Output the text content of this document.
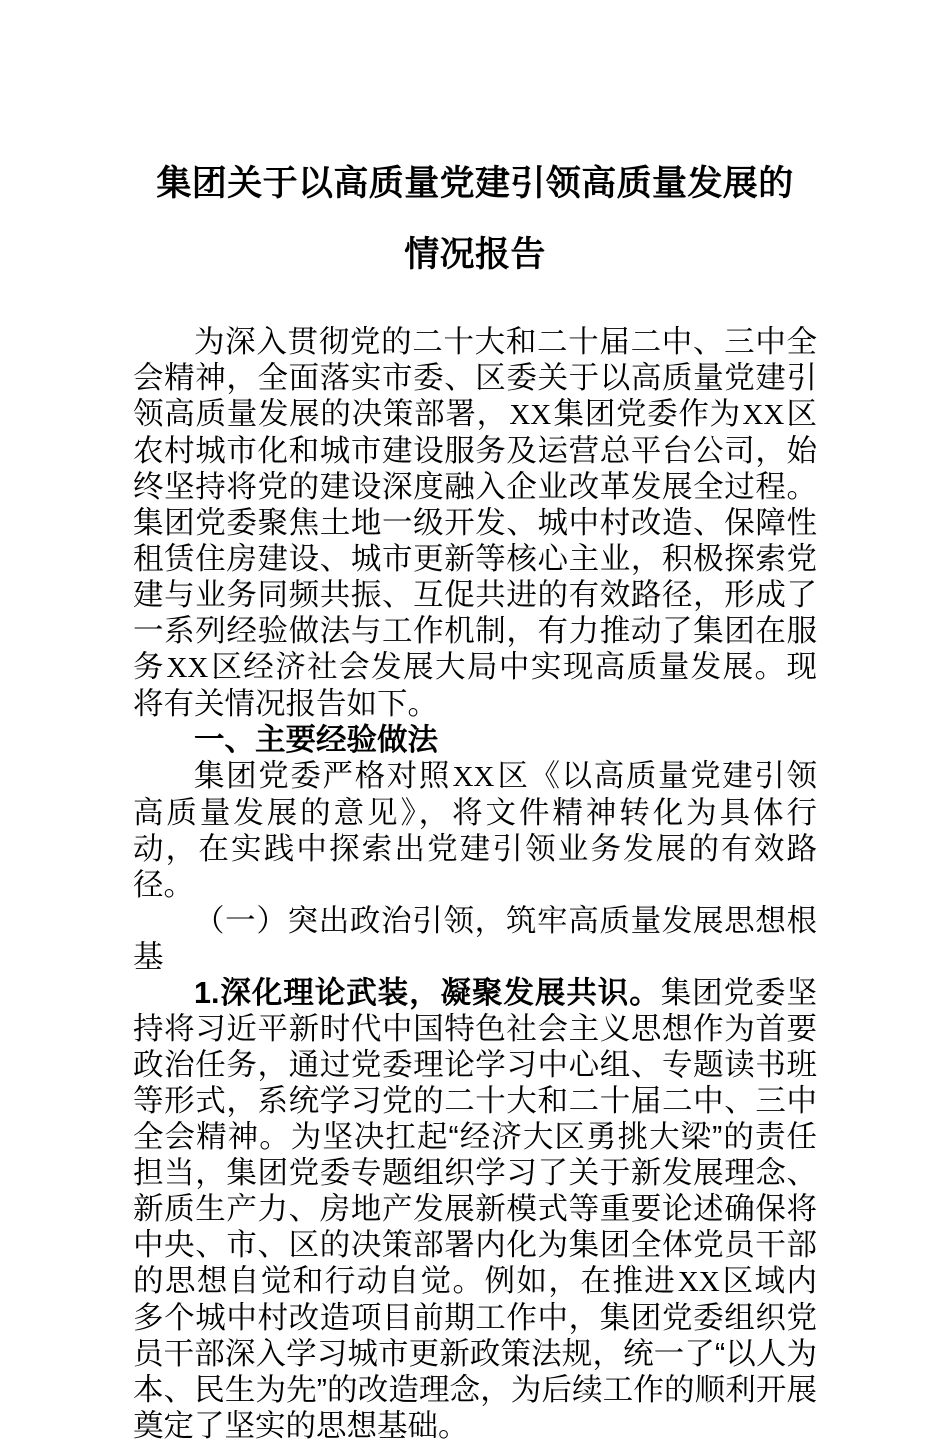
集团关于以高质量党建引领高质量发展的
情况报告

为深入贯彻党的二十大和二十届二中、三中全会精神，全面落实市委、区委关于以高质量党建引领高质量发展的决策部署，XX集团党委作为XX区农村城市化和城市建设服务及运营总平台公司，始终坚持将党的建设深度融入企业改革发展全过程。集团党委聚焦土地一级开发、城中村改造、保障性租赁住房建设、城市更新等核心主业，积极探索党建与业务同频共振、互促共进的有效路径，形成了一系列经验做法与工作机制，有力推动了集团在服务XX区经济社会发展大局中实现高质量发展。现将有关情况报告如下。

一、主要经验做法

集团党委严格对照XX区《以高质量党建引领高质量发展的意见》，将文件精神转化为具体行动，在实践中探索出党建引领业务发展的有效路径。

（一）突出政治引领，筑牢高质量发展思想根基

1.深化理论武装，凝聚发展共识。集团党委坚持将习近平新时代中国特色社会主义思想作为首要政治任务，通过党委理论学习中心组、专题读书班等形式，系统学习党的二十大和二十届二中、三中全会精神。为坚决扛起“经济大区勇挑大梁”的责任担当，集团党委专题组织学习了关于新发展理念、新质生产力、房地产发展新模式等重要论述确保将中央、市、区的决策部署内化为集团全体党员干部的思想自觉和行动自觉。例如，在推进XX区域内多个城中村改造项目前期工作中，集团党委组织党员干部深入学习城市更新政策法规，统一了“以人为本、民生为先”的改造理念，为后续工作的顺利开展奠定了坚实的思想基础。
